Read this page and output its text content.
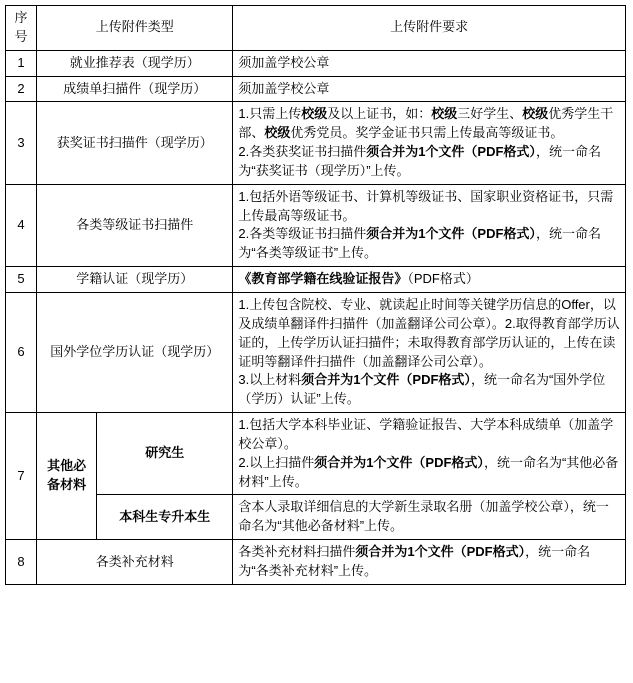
序号	上传附件类型		上传附件要求
1	就业推荐表（现学历）		须加盖学校公章

2	成绩单扫描件（现学历）		须加盖学校公章

3	获奖证书扫描件（现学历）		1.只需上传校级及以上证书，如：校级三好学生、校级优秀学生干部、校级优秀党员。奖学金证书只需上传最高等级证书。

2.各类获奖证书扫描件须合并为1个文件（PDF格式），统一命名为“获奖证书（现学历）”上传。

4	各类等级证书扫描件		1.包括外语等级证书、计算机等级证书、国家职业资格证书，只需上传最高等级证书。

2.各类等级证书扫描件须合并为1个文件（PDF格式），统一命名为“各类等级证书”上传。

5	学籍认证（现学历）		《教育部学籍在线验证报告》（PDF格式）

6	国外学位学历认证（现学历）		1.上传包含院校、专业、就读起止时间等关键学历信息的Offer，以及成绩单翻译件扫描件（加盖翻译公司公章）。2.取得教育部学历认证的，上传学历认证扫描件；未取得教育部学历认证的，上传在读证明等翻译件扫描件（加盖翻译公司公章）。

3.以上材料须合并为1个文件（PDF格式），统一命名为“国外学位（学历）认证”上传。

7	其他必备材料	研究生	1.包括大学本科毕业证、学籍验证报告、大学本科成绩单（加盖学校公章）。

2.以上扫描件须合并为1个文件（PDF格式），统一命名为“其他必备材料”上传。

		本科生专升本生	含本人录取详细信息的大学新生录取名册（加盖学校公章），统一命名为“其他必备材料”上传。

8	各类补充材料		各类补充材料扫描件须合并为1个文件（PDF格式），统一命名为“各类补充材料”上传。
